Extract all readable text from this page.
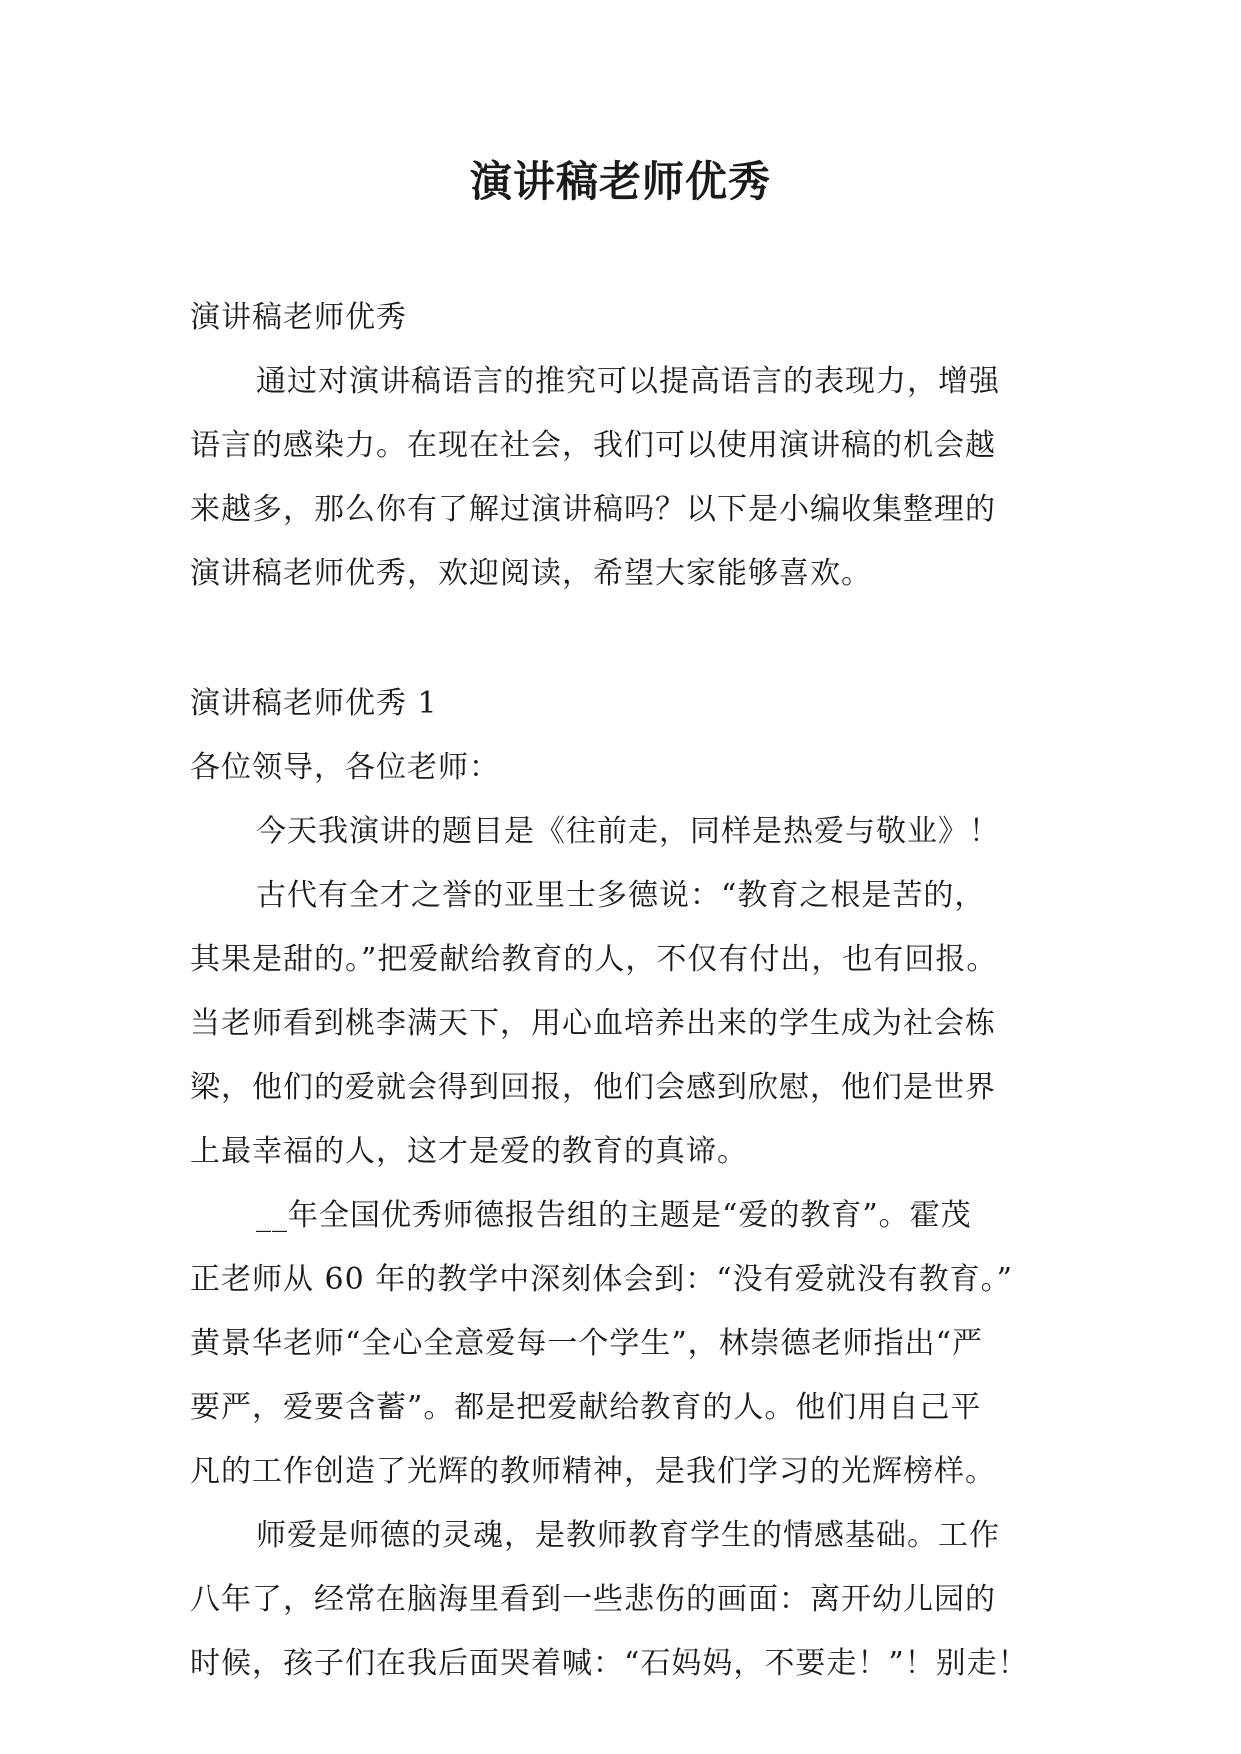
演讲稿老师优秀

演讲稿老师优秀

通过对演讲稿语言的推究可以提高语言的表现力，增强

语言的感染力。在现在社会，我们可以使用演讲稿的机会越

来越多，那么你有了解过演讲稿吗？以下是小编收集整理的

演讲稿老师优秀，欢迎阅读，希望大家能够喜欢。

演讲稿老师优秀 1

各位领导，各位老师：

今天我演讲的题目是《往前走，同样是热爱与敬业》！

古代有全才之誉的亚里士多德说：“教育之根是苦的，

其果是甜的。”把爱献给教育的人，不仅有付出，也有回报。

当老师看到桃李满天下，用心血培养出来的学生成为社会栋

梁，他们的爱就会得到回报，他们会感到欣慰，他们是世界

上最幸福的人，这才是爱的教育的真谛。

__年全国优秀师德报告组的主题是“爱的教育”。霍茂

正老师从 60 年的教学中深刻体会到：“没有爱就没有教育。”

黄景华老师“全心全意爱每一个学生”，林崇德老师指出“严

要严，爱要含蓄”。都是把爱献给教育的人。他们用自己平

凡的工作创造了光辉的教师精神，是我们学习的光辉榜样。

师爱是师德的灵魂，是教师教育学生的情感基础。工作

八年了，经常在脑海里看到一些悲伤的画面：离开幼儿园的

时候，孩子们在我后面哭着喊：“石妈妈，不要走！”！别走！
